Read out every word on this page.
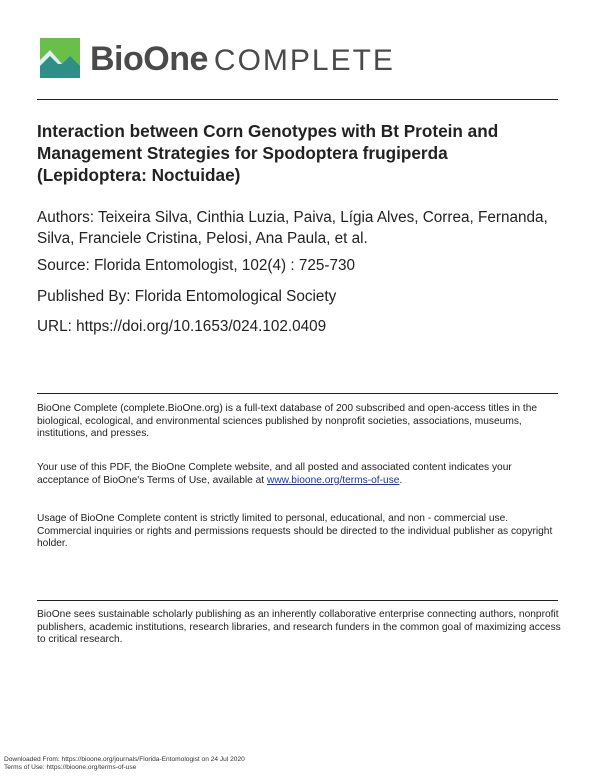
BioOne COMPLETE
Interaction between Corn Genotypes with Bt Protein and Management Strategies for Spodoptera frugiperda (Lepidoptera: Noctuidae)
Authors: Teixeira Silva, Cinthia Luzia, Paiva, Lígia Alves, Correa, Fernanda, Silva, Franciele Cristina, Pelosi, Ana Paula, et al.
Source: Florida Entomologist, 102(4) : 725-730
Published By: Florida Entomological Society
URL: https://doi.org/10.1653/024.102.0409
BioOne Complete (complete.BioOne.org) is a full-text database of 200 subscribed and open-access titles in the biological, ecological, and environmental sciences published by nonprofit societies, associations, museums, institutions, and presses.
Your use of this PDF, the BioOne Complete website, and all posted and associated content indicates your acceptance of BioOne's Terms of Use, available at www.bioone.org/terms-of-use.
Usage of BioOne Complete content is strictly limited to personal, educational, and non - commercial use. Commercial inquiries or rights and permissions requests should be directed to the individual publisher as copyright holder.
BioOne sees sustainable scholarly publishing as an inherently collaborative enterprise connecting authors, nonprofit publishers, academic institutions, research libraries, and research funders in the common goal of maximizing access to critical research.
Downloaded From: https://bioone.org/journals/Florida-Entomologist on 24 Jul 2020
Terms of Use: https://bioone.org/terms-of-use
